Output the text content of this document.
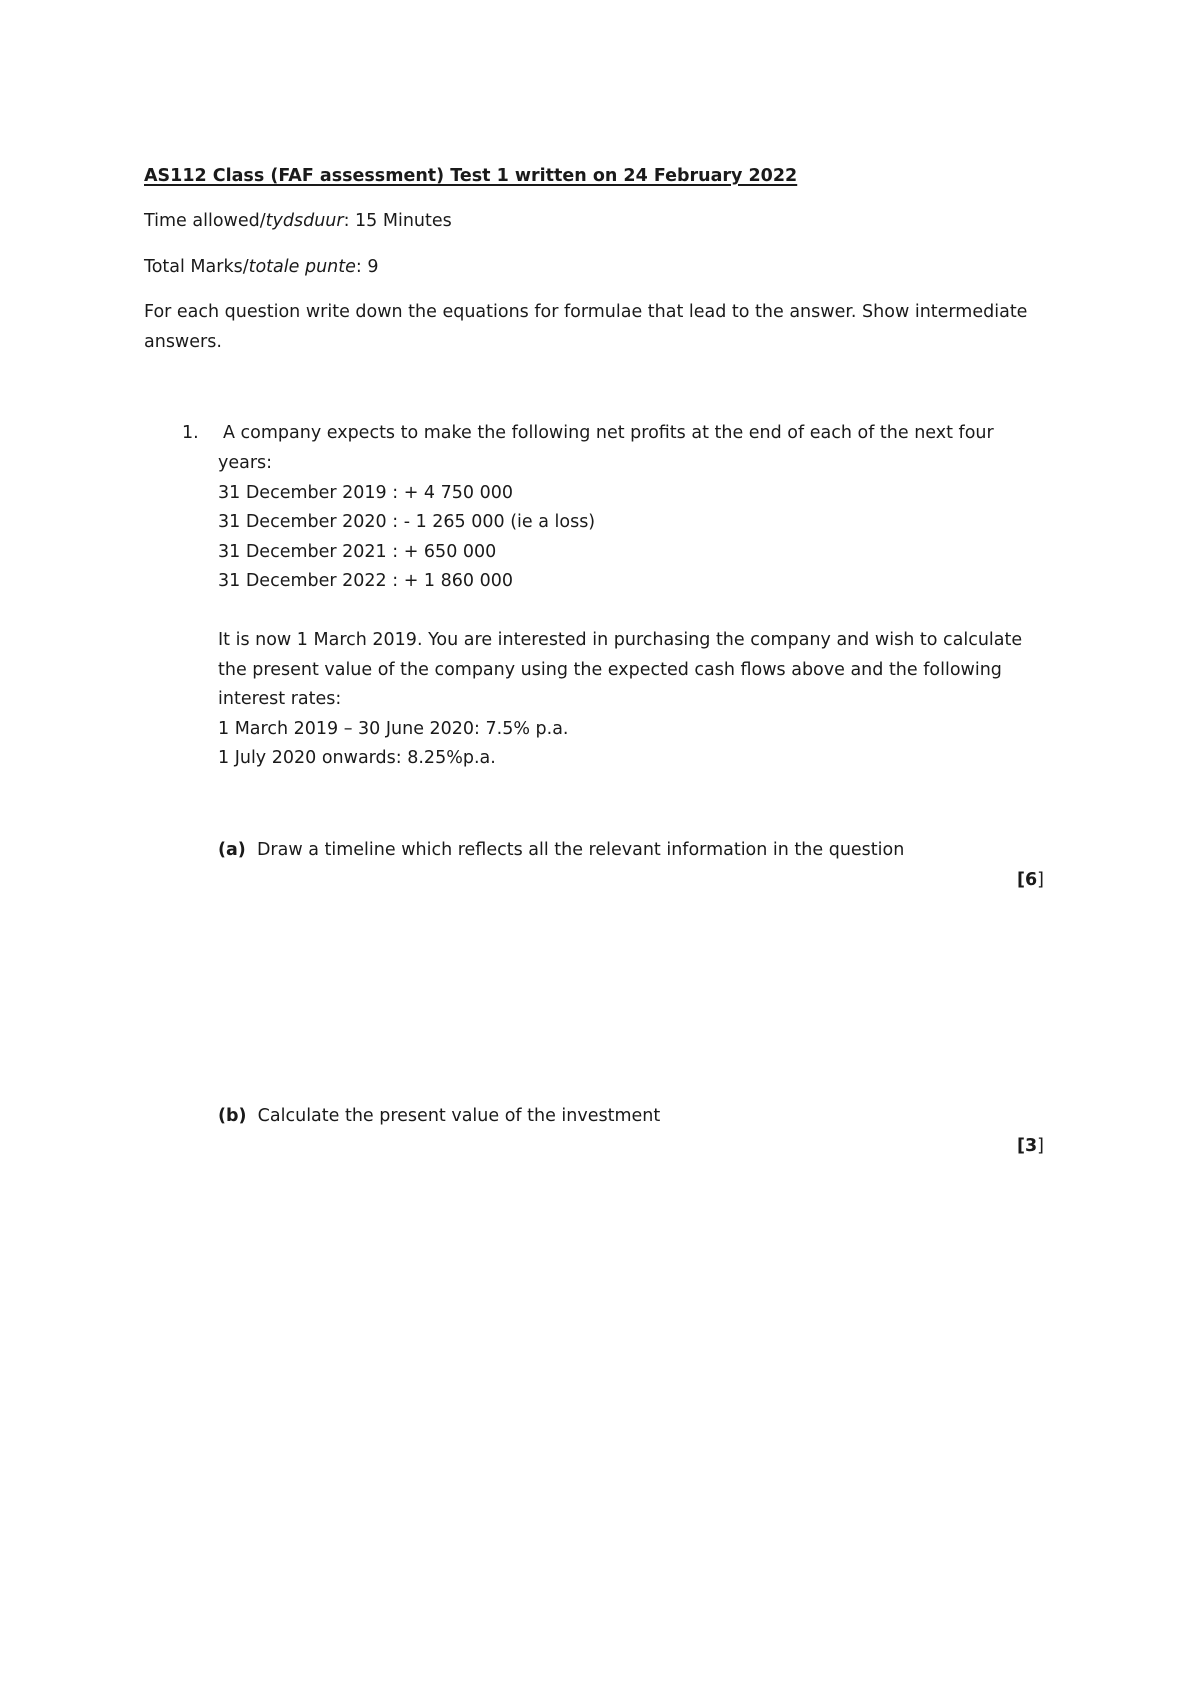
AS112 Class (FAF assessment) Test 1 written on 24 February 2022
Time allowed/tydsduur: 15 Minutes
Total Marks/totale punte: 9
For each question write down the equations for formulae that lead to the answer. Show intermediate
answers.
1. A company expects to make the following net profits at the end of each of the next four
years:
31 December 2019 : + 4 750 000
31 December 2020 : - 1 265 000 (ie a loss)
31 December 2021 : + 650 000
31 December 2022 : + 1 860 000
It is now 1 March 2019. You are interested in purchasing the company and wish to calculate
the present value of the company using the expected cash flows above and the following
interest rates:
1 March 2019 – 30 June 2020: 7.5% p.a.
1 July 2020 onwards: 8.25%p.a.
(a) Draw a timeline which reflects all the relevant information in the question
[6]
(b) Calculate the present value of the investment
[3]
